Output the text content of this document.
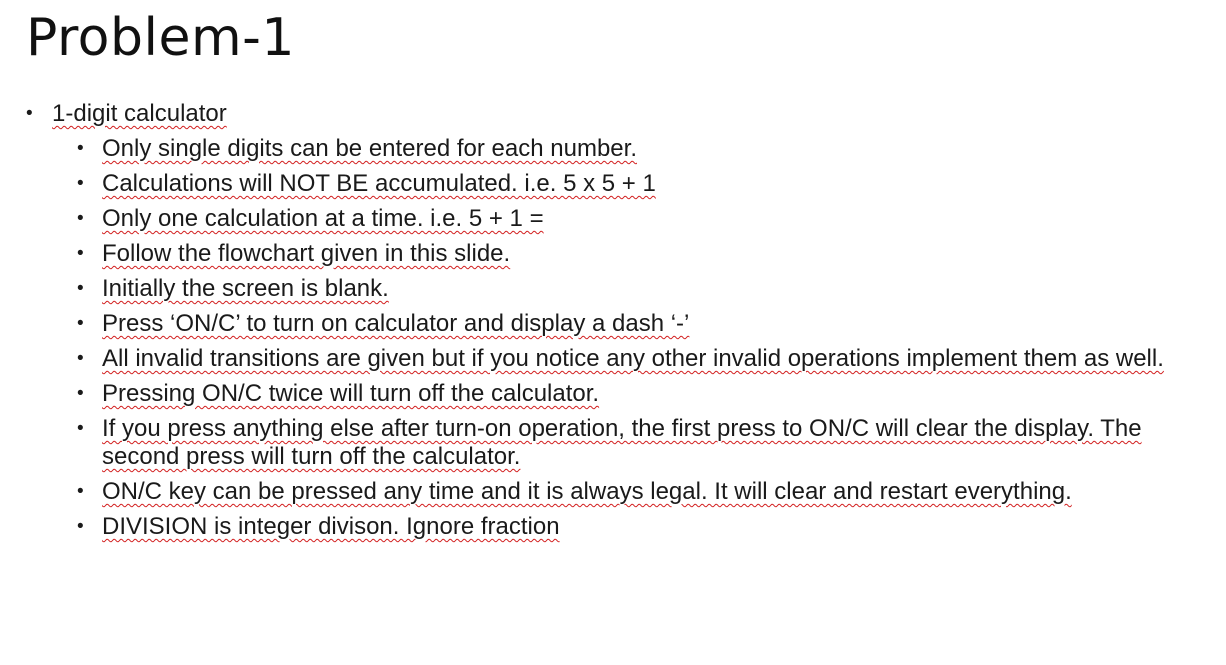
Problem-1
• 1-digit calculator
• Only single digits can be entered for each number.
• Calculations will NOT BE accumulated. i.e. 5 x 5 + 1
• Only one calculation at a time. i.e. 5 + 1 =
• Follow the flowchart given in this slide.
• Initially the screen is blank.
• Press ‘ON/C’ to turn on calculator and display a dash ‘-’
• All invalid transitions are given but if you notice any other invalid operations implement them as well.
• Pressing ON/C twice will turn off the calculator.
• If you press anything else after turn-on operation, the first press to ON/C will clear the display. The second press will turn off the calculator.
• ON/C key can be pressed any time and it is always legal. It will clear and restart everything.
• DIVISION is integer divison. Ignore fraction
